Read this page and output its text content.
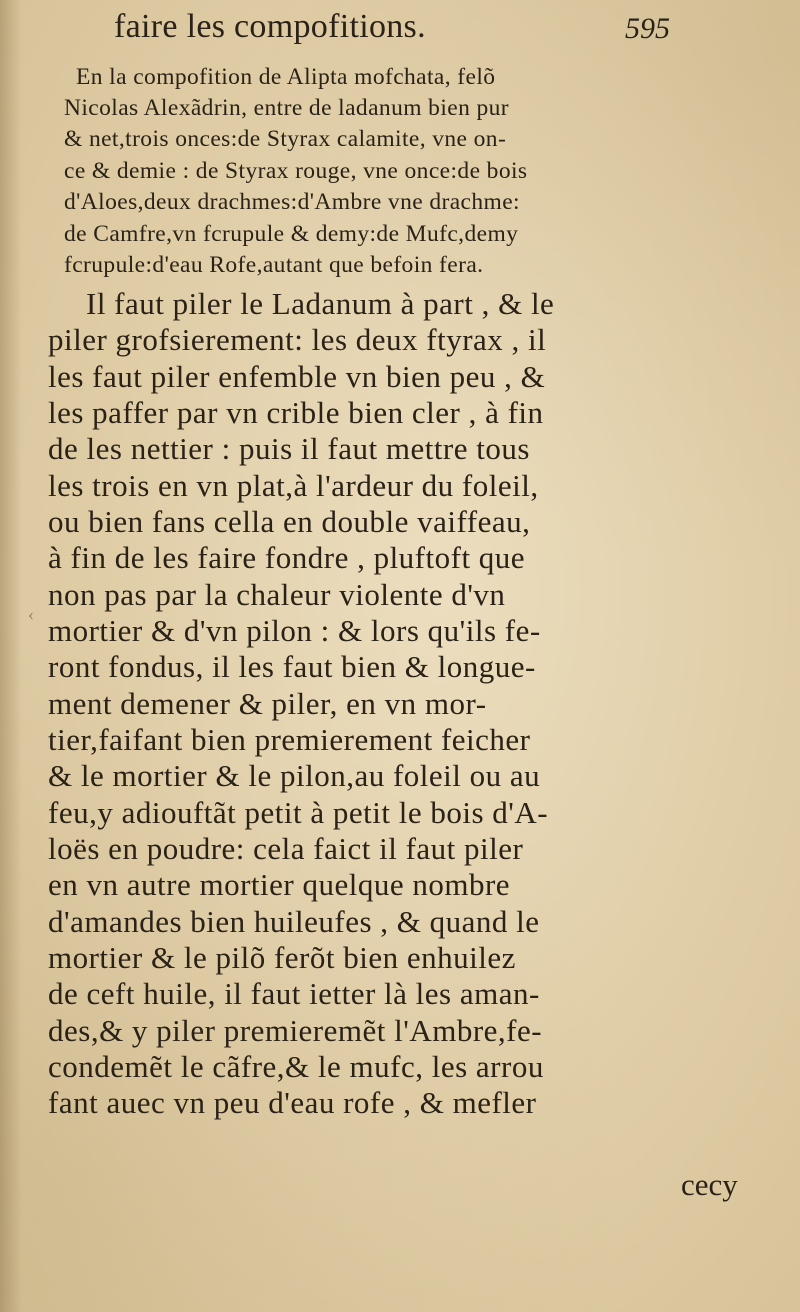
faire les compofitions.	595
En la compofition de Alipta mofchata, felõ
Nicolas Alexãdrin, entre de ladanum bien pur
& net,trois onces:de Styrax calamite, vne on-
ce & demie : de Styrax rouge, vne once:de bois
d'Aloes,deux drachmes:d'Ambre vne drachme:
de Camfre,vn fcrupule & demy:de Mufc,demy
fcrupule:d'eau Rofe,autant que befoin fera.
Il faut piler le Ladanum à part , & le
piler grofsierement: les deux ftyrax , il
les faut piler enfemble vn bien peu , &
les paffer par vn crible bien cler , à fin
de les nettier : puis il faut mettre tous
les trois en vn plat,à l'ardeur du foleil,
ou bien fans cella en double vaiffeau,
à fin de les faire fondre , pluftoft que
non pas par la chaleur violente d'vn
mortier & d'vn pilon : & lors qu'ils fe-
ront fondus, il les faut bien & longue-
ment demener & piler, en vn mor-
tier,faifant bien premierement feicher
& le mortier & le pilon,au foleil ou au
feu,y adiouftãt petit à petit le bois d'A-
loës en poudre: cela faict il faut piler
en vn autre mortier quelque nombre
d'amandes bien huileufes , & quand le
mortier & le pilõ ferõt bien enhuilez
de ceft huile, il faut ietter là les aman-
des,& y piler premieremẽt l'Ambre,fe-
condemẽt le cãfre,& le mufc, les arrou
fant auec vn peu d'eau rofe , & mefler
cecy
‹
